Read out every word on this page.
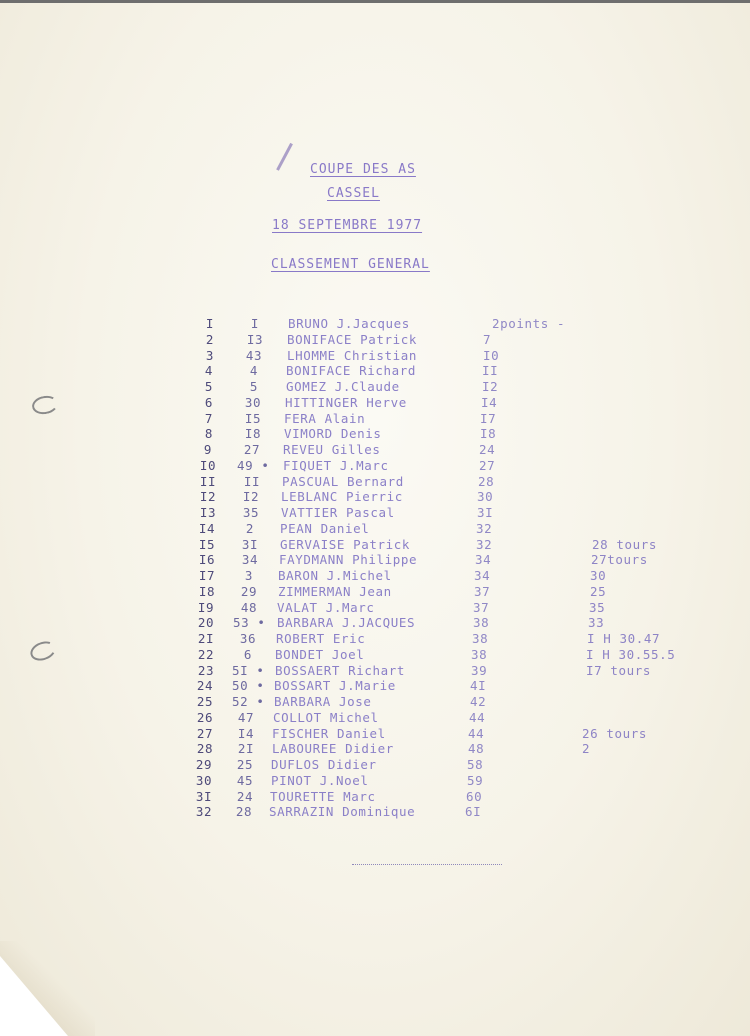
COUPE DES AS
CASSEL
18 SEPTEMBRE 1977
CLASSEMENT GENERAL
I	I	BRUNO J.Jacques	2points -
2	I3	BONIFACE Patrick	7
3	43	LHOMME Christian	I0
4	4	BONIFACE Richard	II
5	5	GOMEZ J.Claude	I2
6	30	HITTINGER Herve	I4
7	I5	FERA Alain	I7
8	I8	VIMORD Denis	I8
9	27	REVEU Gilles	24
I0	49 • FIQUET J.Marc	27
II	II	PASCUAL Bernard	28
I2	I2	LEBLANC Pierric	30
I3	35	VATTIER Pascal	3I
I4	2	PEAN Daniel	32
I5	3I	GERVAISE Patrick	32	28 tours
I6	34	FAYDMANN Philippe	34	27tours
I7	3	BARON J.Michel	34	30
I8	29	ZIMMERMAN Jean	37	25
I9	48	VALAT J.Marc	37	35
20	53 • BARBARA J.JACQUES	38	33
2I	36	ROBERT Eric	38	I H 30.47
22	6	BONDET Joel	38	I H 30.55.5
23	5I • BOSSAERT Richart	39	I7 tours
24	50 • BOSSART J.Marie	4I
25	52 • BARBARA Jose	42
26	47	COLLOT Michel	44
27	I4	FISCHER Daniel	44	26 tours
28	2I	LABOUREE Didier	48	2
29	25	DUFLOS Didier	58
30	45	PINOT J.Noel	59
3I	24	TOURETTE Marc	60
32	28	SARRAZIN Dominique	6I
